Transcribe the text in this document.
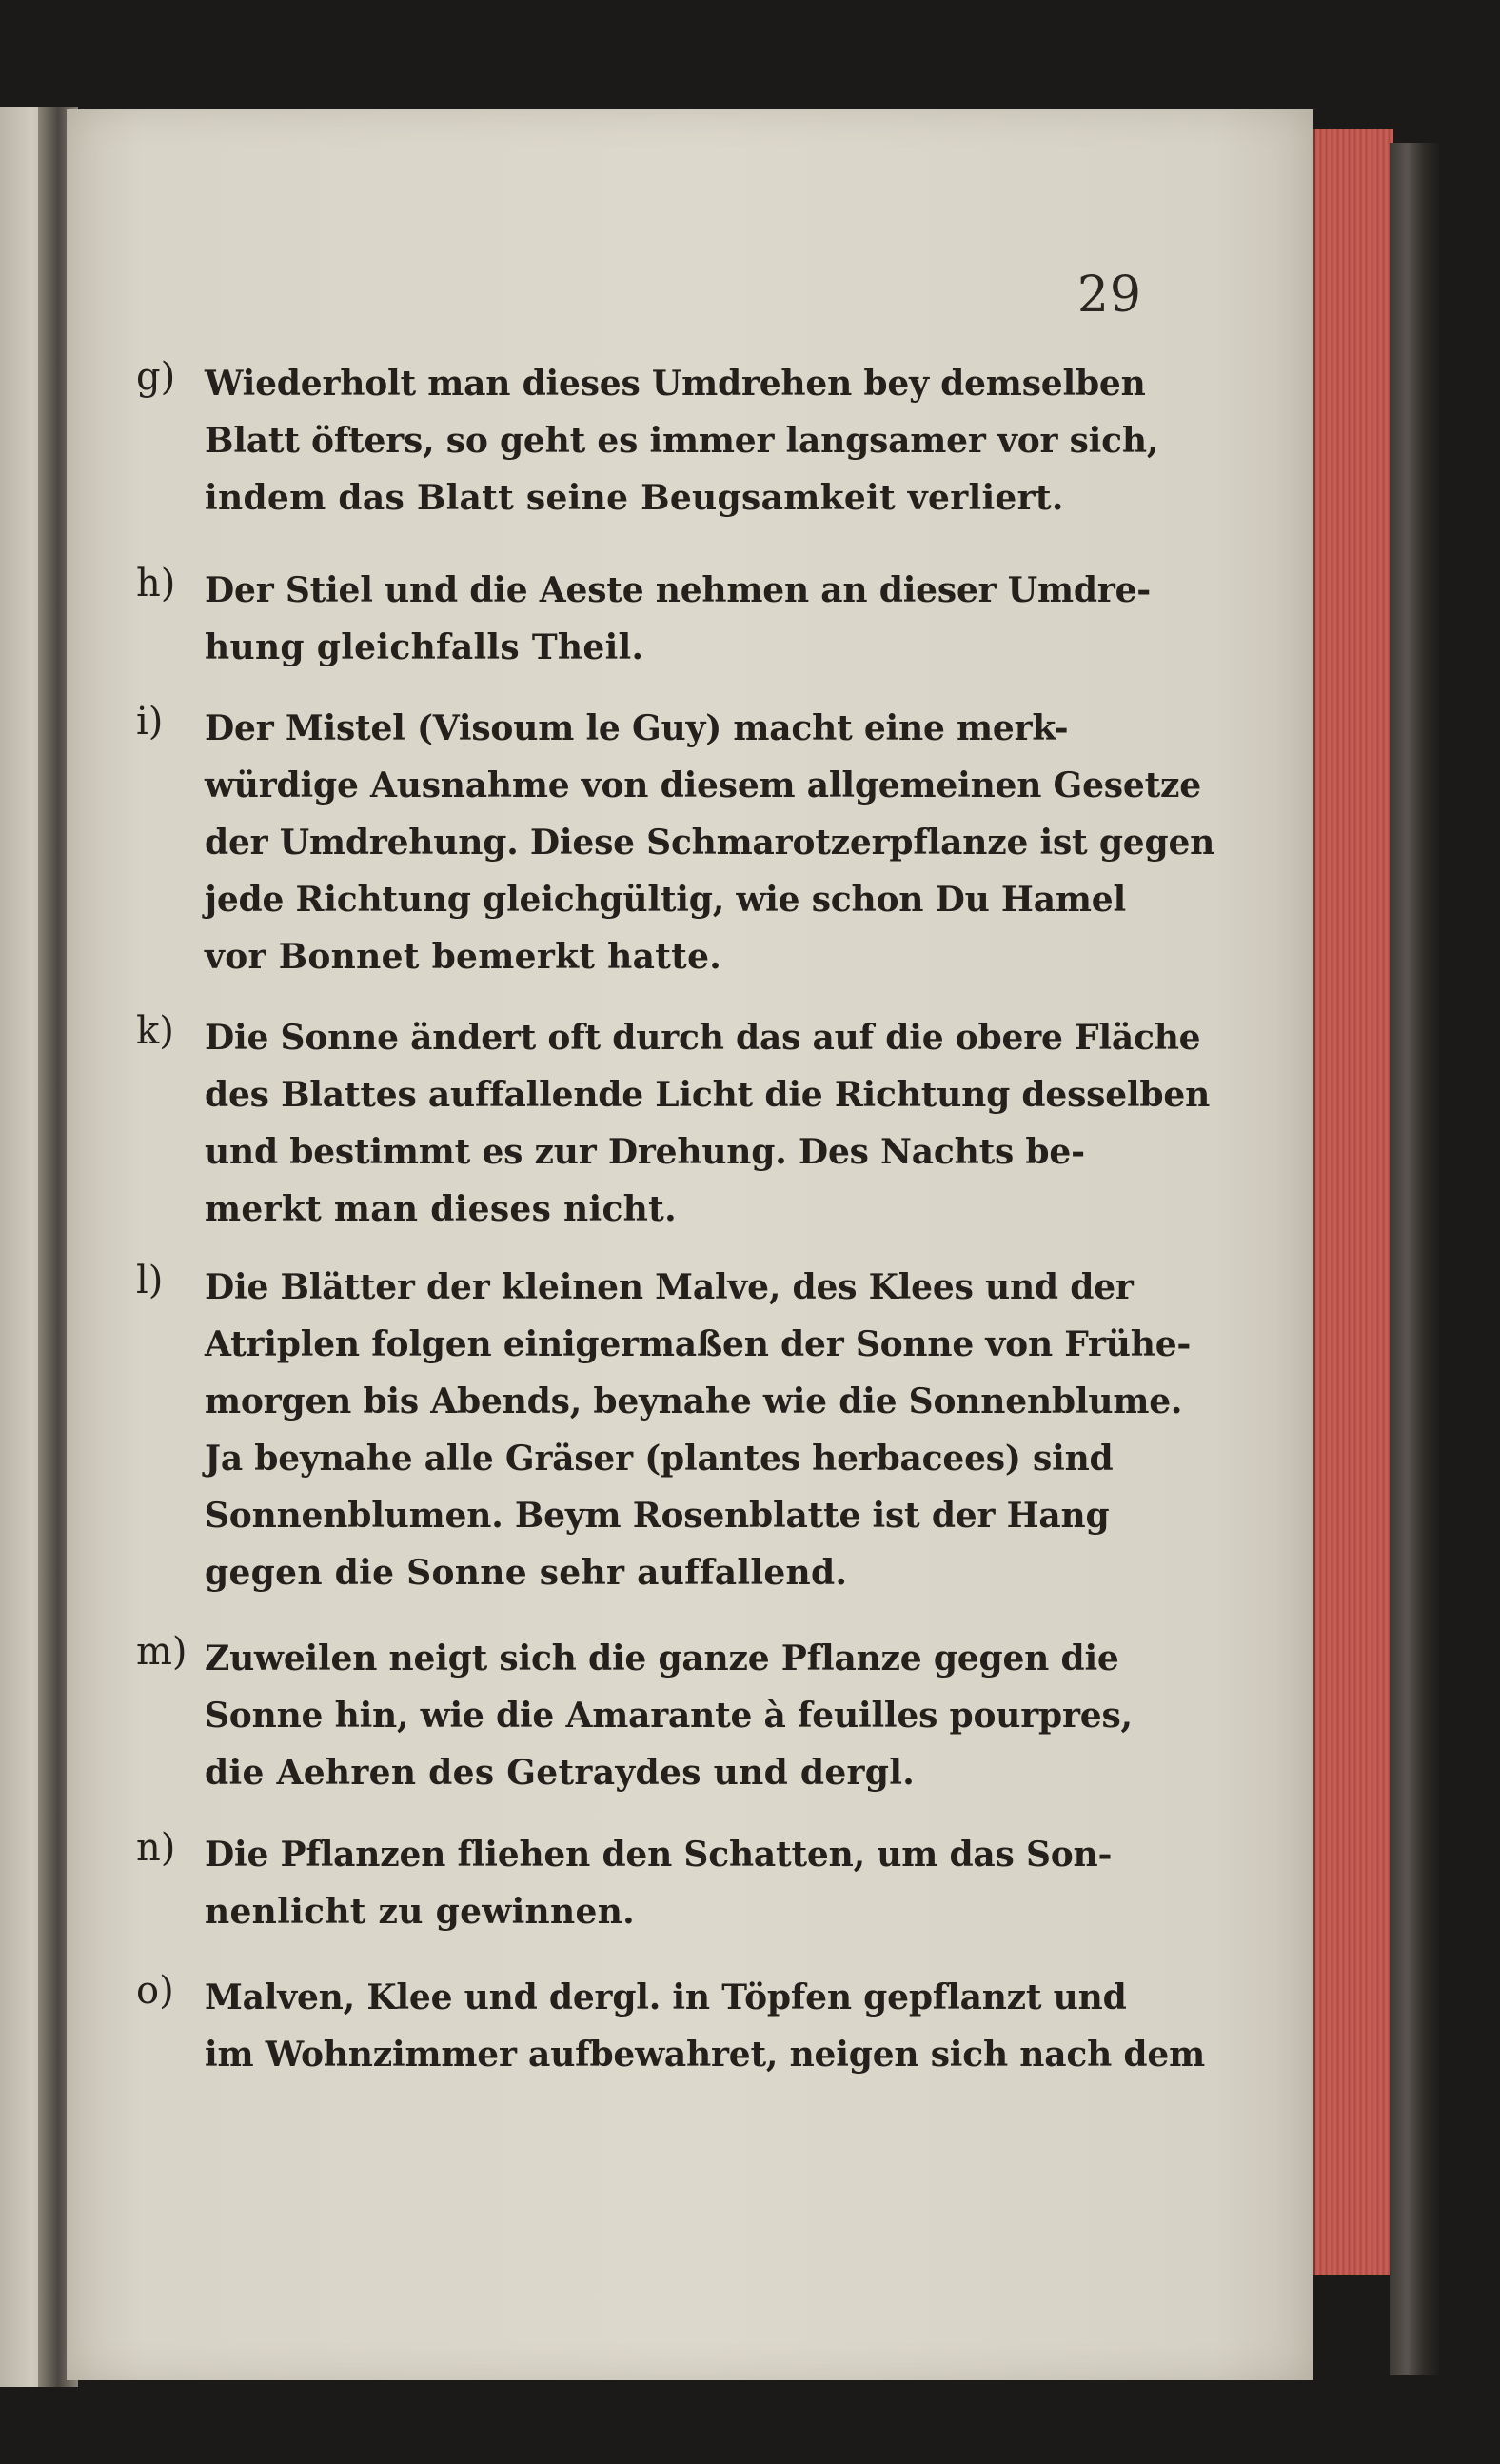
29
g) Wiederholt man dieses Umdrehen bey demselben
Blatt öfters, so geht es immer langsamer vor sich,
indem das Blatt seine Beugsamkeit verliert.
h) Der Stiel und die Aeste nehmen an dieser Umdre-
hung gleichfalls Theil.
i)	Der Mistel (Visoum le Guy) macht eine merk-
würdige Ausnahme von diesem allgemeinen Gesetze
der Umdrehung. Diese Schmarotzerpflanze ist gegen
jede Richtung gleichgültig, wie schon Du Hamel
vor Bonnet bemerkt hatte.
k) Die Sonne ändert oft durch das auf die obere Fläche
des Blattes auffallende Licht die Richtung desselben
und bestimmt es zur Drehung. Des Nachts be-
merkt man dieses nicht.
l)	Die Blätter der kleinen Malve, des Klees und der
Atriplen folgen einigermaßen der Sonne von Frühe-
morgen bis Abends, beynahe wie die Sonnenblume.
Ja beynahe alle Gräser (plantes herbacees) sind
Sonnenblumen. Beym Rosenblatte ist der Hang
gegen die Sonne sehr auffallend.
m) Zuweilen neigt sich die ganze Pflanze gegen die
Sonne hin, wie die Amarante à feuilles pourpres,
die Aehren des Getraydes und dergl.
n) Die Pflanzen fliehen den Schatten, um das Son-
nenlicht zu gewinnen.
o) Malven, Klee und dergl. in Töpfen gepflanzt und
im Wohnzimmer aufbewahret, neigen sich nach dem
